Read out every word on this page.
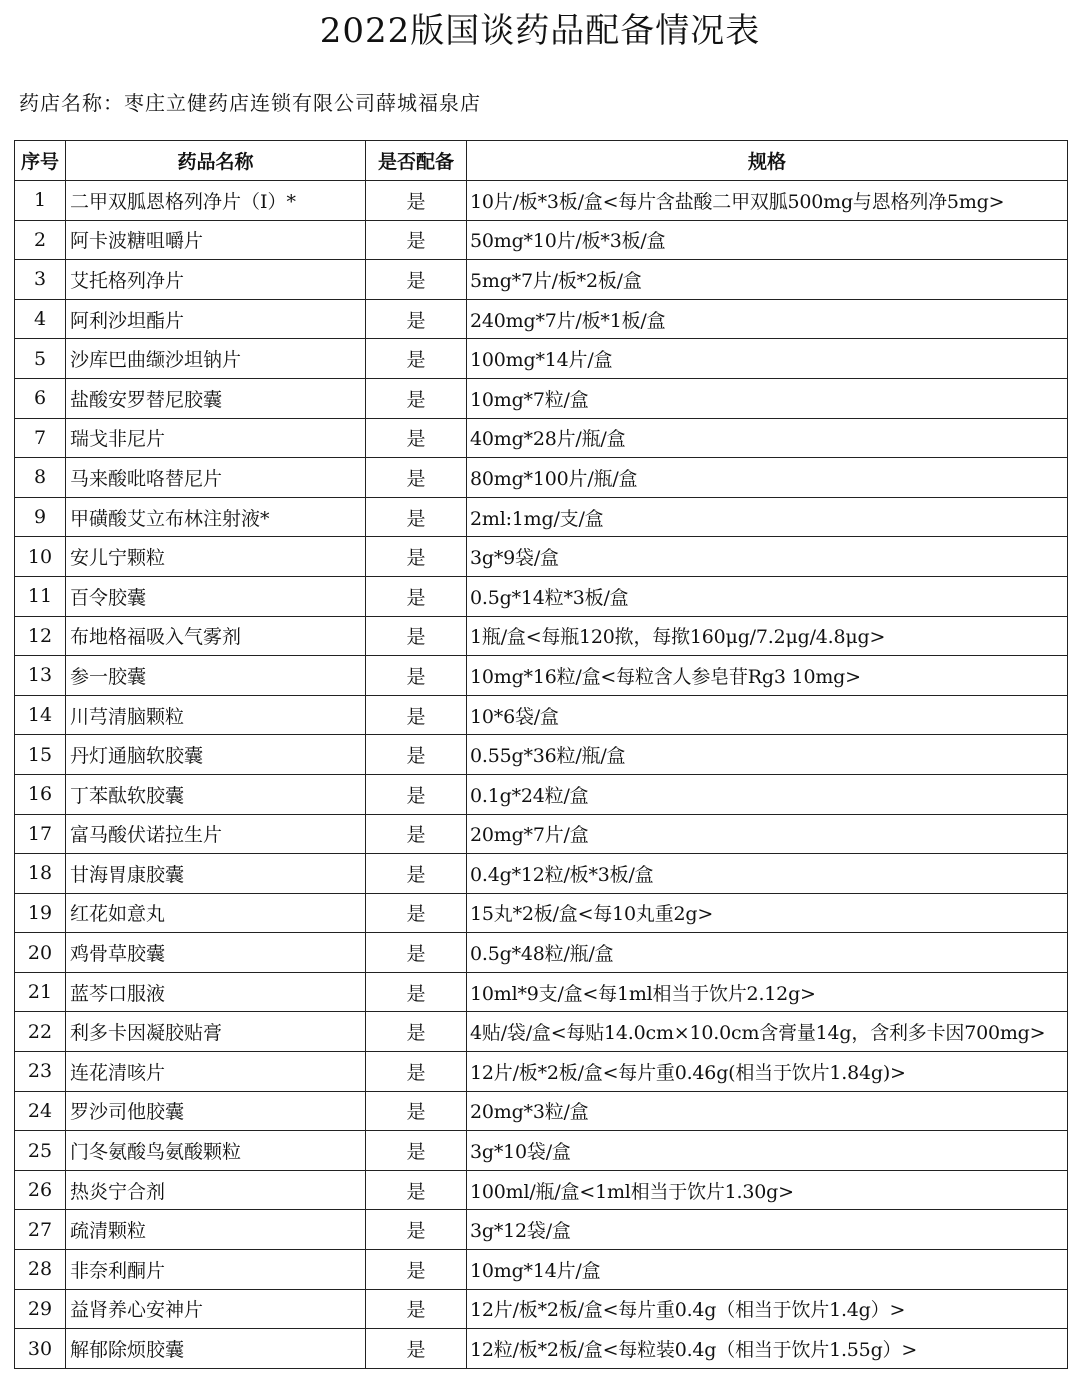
2022版国谈药品配备情况表
药店名称：枣庄立健药店连锁有限公司薛城福泉店
序号	药品名称	是否配备	规格
1	二甲双胍恩格列净片（Ⅰ）*	是	10片/板*3板/盒<每片含盐酸二甲双胍500mg与恩格列净5mg>
2	阿卡波糖咀嚼片	是	50mg*10片/板*3板/盒
3	艾托格列净片	是	5mg*7片/板*2板/盒
4	阿利沙坦酯片	是	240mg*7片/板*1板/盒
5	沙库巴曲缬沙坦钠片	是	100mg*14片/盒
6	盐酸安罗替尼胶囊	是	10mg*7粒/盒
7	瑞戈非尼片	是	40mg*28片/瓶/盒
8	马来酸吡咯替尼片	是	80mg*100片/瓶/盒
9	甲磺酸艾立布林注射液*	是	2ml:1mg/支/盒
10	安儿宁颗粒	是	3g*9袋/盒
11	百令胶囊	是	0.5g*14粒*3板/盒
12	布地格福吸入气雾剂	是	1瓶/盒<每瓶120揿，每揿160μg/7.2μg/4.8μg>
13	参一胶囊	是	10mg*16粒/盒<每粒含人参皂苷Rg3 10mg>
14	川芎清脑颗粒	是	10*6袋/盒
15	丹灯通脑软胶囊	是	0.55g*36粒/瓶/盒
16	丁苯酞软胶囊	是	0.1g*24粒/盒
17	富马酸伏诺拉生片	是	20mg*7片/盒
18	甘海胃康胶囊	是	0.4g*12粒/板*3板/盒
19	红花如意丸	是	15丸*2板/盒<每10丸重2g>
20	鸡骨草胶囊	是	0.5g*48粒/瓶/盒
21	蓝芩口服液	是	10ml*9支/盒<每1ml相当于饮片2.12g>
22	利多卡因凝胶贴膏	是	4贴/袋/盒<每贴14.0cm×10.0cm含膏量14g，含利多卡因700mg>
23	连花清咳片	是	12片/板*2板/盒<每片重0.46g(相当于饮片1.84g)>
24	罗沙司他胶囊	是	20mg*3粒/盒
25	门冬氨酸鸟氨酸颗粒	是	3g*10袋/盒
26	热炎宁合剂	是	100ml/瓶/盒<1ml相当于饮片1.30g>
27	疏清颗粒	是	3g*12袋/盒
28	非奈利酮片	是	10mg*14片/盒
29	益肾养心安神片	是	12片/板*2板/盒<每片重0.4g（相当于饮片1.4g）>
30	解郁除烦胶囊	是	12粒/板*2板/盒<每粒装0.4g（相当于饮片1.55g）>
